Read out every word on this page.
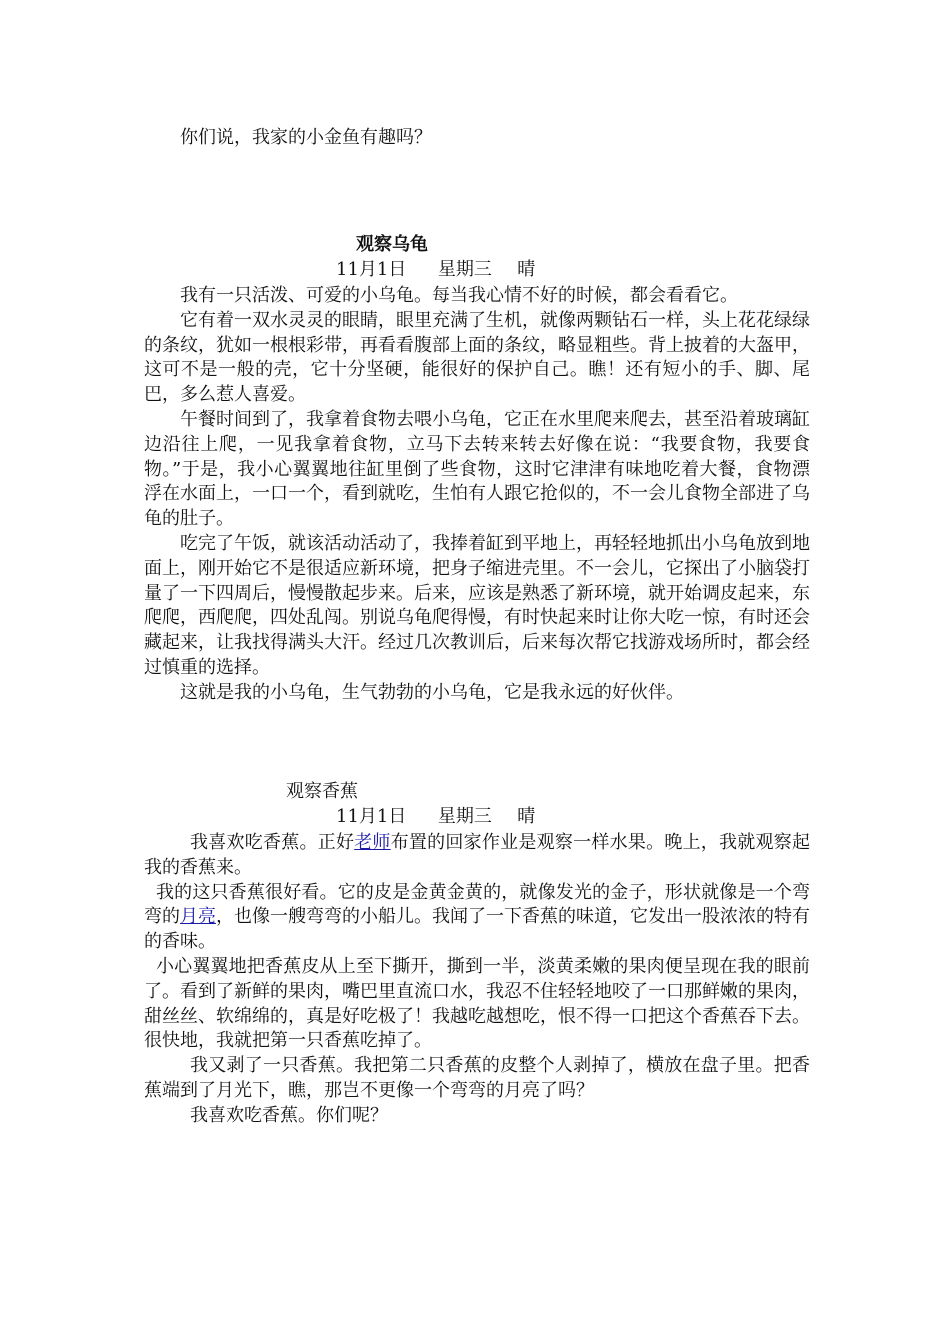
你们说，我家的小金鱼有趣吗？

观察乌龟
11月1日 星期三 晴

我有一只活泼、可爱的小乌龟。每当我心情不好的时候，都会看看它。

它有着一双水灵灵的眼睛，眼里充满了生机，就像两颗钻石一样，头上花花绿绿的条纹，犹如一根根彩带，再看看腹部上面的条纹，略显粗些。背上披着的大盔甲，这可不是一般的壳，它十分坚硬，能很好的保护自己。瞧！还有短小的手、脚、尾巴，多么惹人喜爱。

午餐时间到了，我拿着食物去喂小乌龟，它正在水里爬来爬去，甚至沿着玻璃缸边沿往上爬，一见我拿着食物，立马下去转来转去好像在说：“我要食物，我要食物。”于是，我小心翼翼地往缸里倒了些食物，这时它津津有味地吃着大餐，食物漂浮在水面上，一口一个，看到就吃，生怕有人跟它抢似的，不一会儿食物全部进了乌龟的肚子。

吃完了午饭，就该活动活动了，我捧着缸到平地上，再轻轻地抓出小乌龟放到地面上，刚开始它不是很适应新环境，把身子缩进壳里。不一会儿，它探出了小脑袋打量了一下四周后，慢慢散起步来。后来，应该是熟悉了新环境，就开始调皮起来，东爬爬，西爬爬，四处乱闯。别说乌龟爬得慢，有时快起来时让你大吃一惊，有时还会藏起来，让我找得满头大汗。经过几次教训后，后来每次帮它找游戏场所时，都会经过慎重的选择。

这就是我的小乌龟，生气勃勃的小乌龟，它是我永远的好伙伴。

观察香蕉
11月1日 星期三 晴

我喜欢吃香蕉。正好老师布置的回家作业是观察一样水果。晚上，我就观察起我的香蕉来。

我的这只香蕉很好看。它的皮是金黄金黄的，就像发光的金子，形状就像是一个弯弯的月亮，也像一艘弯弯的小船儿。我闻了一下香蕉的味道，它发出一股浓浓的特有的香味。

小心翼翼地把香蕉皮从上至下撕开，撕到一半，淡黄柔嫩的果肉便呈现在我的眼前了。看到了新鲜的果肉，嘴巴里直流口水，我忍不住轻轻地咬了一口那鲜嫩的果肉，甜丝丝、软绵绵的，真是好吃极了！我越吃越想吃，恨不得一口把这个香蕉吞下去。很快地，我就把第一只香蕉吃掉了。

我又剥了一只香蕉。我把第二只香蕉的皮整个人剥掉了，横放在盘子里。把香蕉端到了月光下，瞧，那岂不更像一个弯弯的月亮了吗？

我喜欢吃香蕉。你们呢？
